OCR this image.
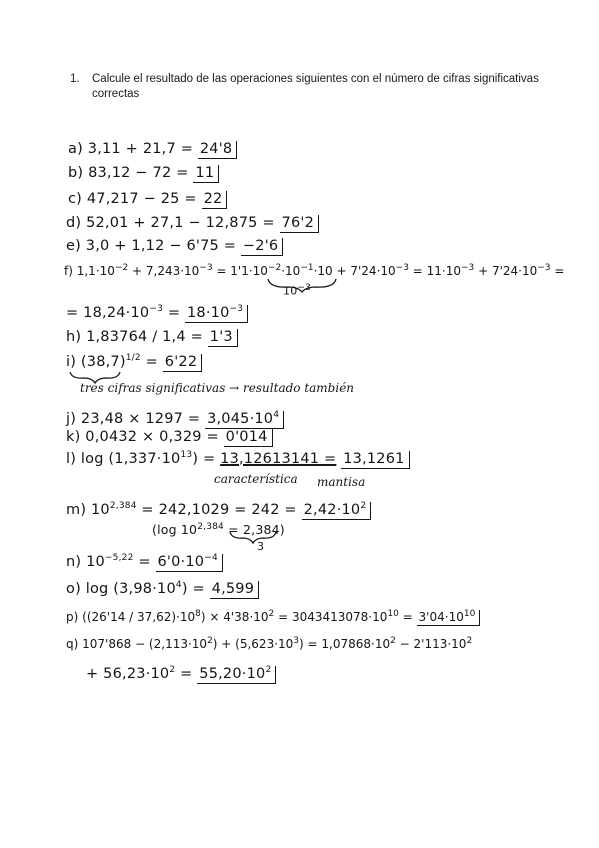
1. Calcule el resultado de las operaciones siguientes con el número de cifras significativas correctas
a) 3,11 + 21,7 = 24'8
b) 83,12 − 72 = 11
c) 47,217 − 25 = 22
d) 52,01 + 27,1 − 12,875 = 76'2
e) 3,0 + 1,12 − 6'75 = −2'6
f) $1,1\cdot 10^{-2} + 7,243\cdot 10^{-3} = 1'1\cdot 10^{-2}\cdot 10^{-1}\cdot 10 + 7'24\cdot 10^{-3} = 11\cdot 10^{-3} + 7'24\cdot 10^{-3}$ =
$10^{-3}$
= $18,24\cdot 10^{-3} = 18\cdot 10^{-3}$
h) 1,83764 / 1,4 = 1'3
i) $(38,7)^{1/2} = 6'22$
tres cifras significativas → resultado también
j) $23,48 \times 1297 = 3,045\cdot 10^4$
k) 0,0432 × 0,329 = 0'014
l) $\log (1,337\cdot 10^{13}) = 13,12613141 = 13,1261$
característica mantisa
m) $10^{2,384} = 242,1029 = 242 = 2,42\cdot 10^2$
(log $10^{2,384} = 2,384$)
3
n) $10^{-5,22} = 6'0\cdot 10^{-4}$
o) $\log (3,98\cdot 10^4) = 4,599$
p) $((26'14 / 37,62)\cdot 10^8) \times 4'38\cdot 10^2 = 3043413078\cdot 10^{10} = 3'04\cdot 10^{10}$
q) $107'868 - (2,113\cdot 10^2) + (5,623\cdot 10^3) = 1,07868\cdot 10^2 - 2'113\cdot 10^2$
+ $56,23\cdot 10^2 = 55,20\cdot 10^2$
